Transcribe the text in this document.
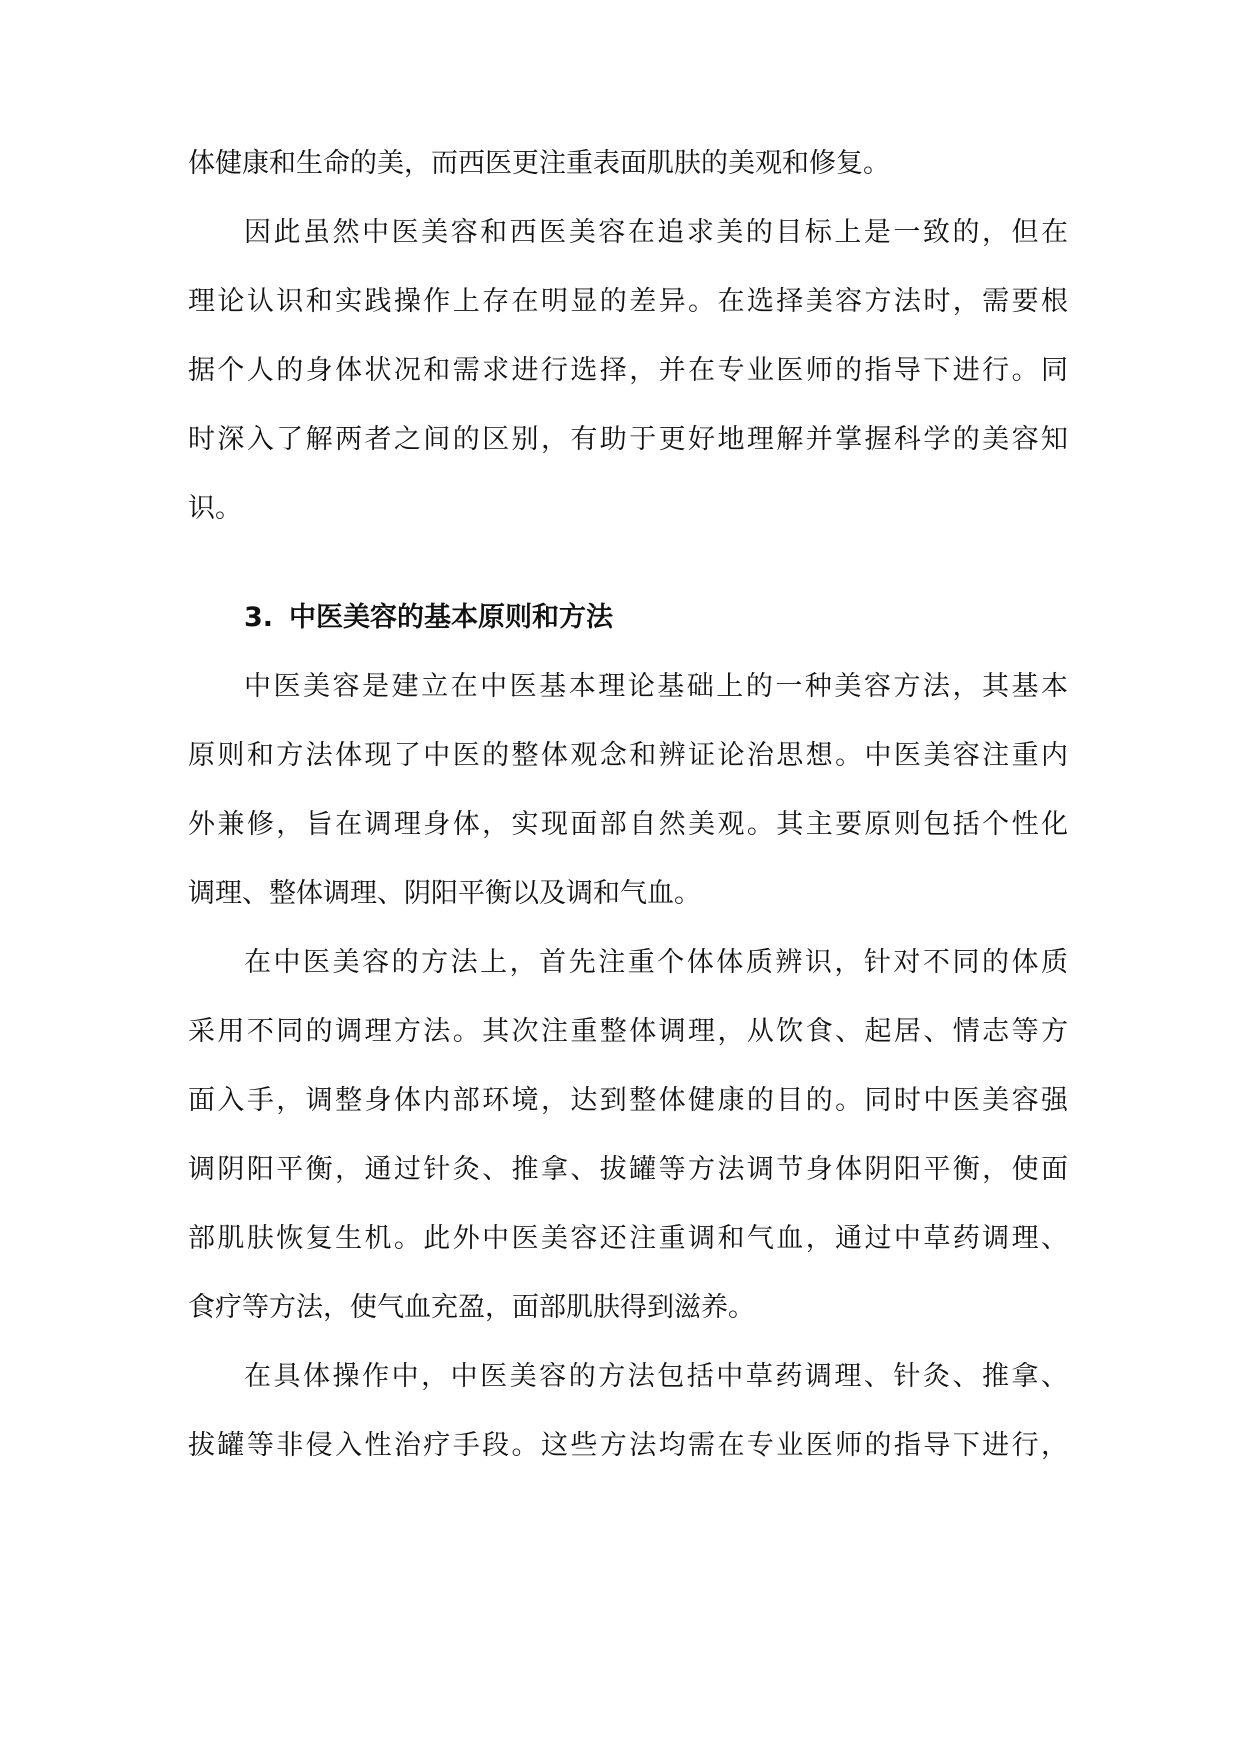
体健康和生命的美，而西医更注重表面肌肤的美观和修复。
因此虽然中医美容和西医美容在追求美的目标上是一致的，但在
理论认识和实践操作上存在明显的差异。在选择美容方法时，需要根
据个人的身体状况和需求进行选择，并在专业医师的指导下进行。同
时深入了解两者之间的区别，有助于更好地理解并掌握科学的美容知
识。
3. 中医美容的基本原则和方法
中医美容是建立在中医基本理论基础上的一种美容方法，其基本
原则和方法体现了中医的整体观念和辨证论治思想。中医美容注重内
外兼修，旨在调理身体，实现面部自然美观。其主要原则包括个性化
调理、整体调理、阴阳平衡以及调和气血。
在中医美容的方法上，首先注重个体体质辨识，针对不同的体质
采用不同的调理方法。其次注重整体调理，从饮食、起居、情志等方
面入手，调整身体内部环境，达到整体健康的目的。同时中医美容强
调阴阳平衡，通过针灸、推拿、拔罐等方法调节身体阴阳平衡，使面
部肌肤恢复生机。此外中医美容还注重调和气血，通过中草药调理、
食疗等方法，使气血充盈，面部肌肤得到滋养。
在具体操作中，中医美容的方法包括中草药调理、针灸、推拿、
拔罐等非侵入性治疗手段。这些方法均需在专业医师的指导下进行，
